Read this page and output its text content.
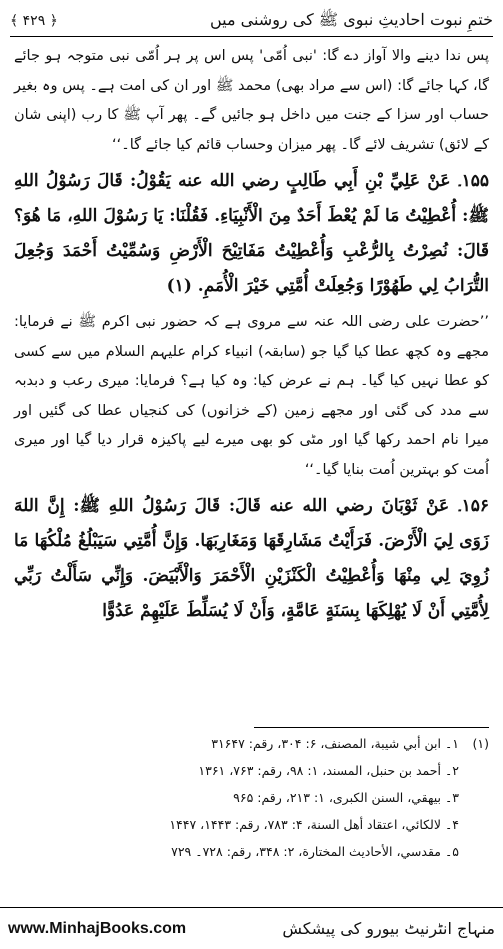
ختمِ نبوت احادیثِ نبوی ﷺ کی روشنی میں
﴿ ۴۲۹ ﴾

پس ندا دینے والا آواز دے گا: 'نبی اُمّی' پس اس پر ہر اُمّی نبی متوجہ ہو جائے گا، کہا جائے گا: (اس سے مراد بھی) محمد ﷺ اور ان کی امت ہے۔ پس وہ بغیر حساب اور سزا کے جنت میں داخل ہو جائیں گے۔ پھر آپ ﷺ کا رب (اپنی شان کے لائق) تشریف لائے گا۔ پھر میزان وحساب قائم کیا جائے گا۔‘‘

۱۵۵۔ عَنْ عَلِيِّ بْنِ أَبِي طَالِبٍ رضي الله عنه يَقُوْلُ: قَالَ رَسُوْلُ اللهِ ﷺ: أُعْطِيْتُ مَا لَمْ يُعْطَ أَحَدٌ مِنَ الْأَنْبِيَاءِ. فَقُلْنَا: يَا رَسُوْلَ اللهِ، مَا هُوَ؟ قَالَ: نُصِرْتُ بِالرُّعْبِ وَأُعْطِيْتُ مَفَاتِيْحَ الْأَرْضِ وَسُمِّيْتُ أَحْمَدَ وَجُعِلَ التُّرَابُ لِي طَهُوْرًا وَجُعِلَتْ أُمَّتِي خَيْرَ الْأُمَمِ. (۱)

’’حضرت علی رضی اللہ عنہ سے مروی ہے کہ حضور نبی اکرم ﷺ نے فرمایا: مجھے وہ کچھ عطا کیا گیا جو (سابقہ) انبیاء کرام علیہم السلام میں سے کسی کو عطا نہیں کیا گیا۔ ہم نے عرض کیا: وہ کیا ہے؟ فرمایا: میری رعب و دبدبہ سے مدد کی گئی اور مجھے زمین (کے خزانوں) کی کنجیاں عطا کی گئیں اور میرا نام احمد رکھا گیا اور مٹی کو بھی میرے لیے پاکیزہ قرار دیا گیا اور میری اُمت کو بہترین اُمت بنایا گیا۔‘‘

۱۵۶۔ عَنْ ثَوْبَانَ رضي الله عنه قَالَ: قَالَ رَسُوْلُ اللهِ ﷺ: إِنَّ اللهَ زَوَى لِيَ الْأَرْضَ. فَرَأَيْتُ مَشَارِقَهَا وَمَغَارِبَهَا. وَإِنَّ أُمَّتِي سَيَبْلُغُ مُلْكُهَا مَا زُوِيَ لِي مِنْهَا وَأُعْطِيْتُ الْكَنْزَيْنِ الْأَحْمَرَ وَالْأَبْيَضَ. وَإِنِّي سَأَلْتُ رَبِّي لِأُمَّتِي أَنْ لَا يُهْلِكَهَا بِسَنَةٍ عَامَّةٍ، وَأَنْ لَا يُسَلِّطَ عَلَيْهِمْ عَدُوًّا

(۱) ۱۔ ابن أبي شيبة، المصنف، ۶: ۳۰۴، رقم: ۳۱۶۴۷
۲۔ أحمد بن حنبل، المسند، ۱: ۹۸، رقم: ۷۶۳، ۱۳۶۱
۳۔ بيهقي، السنن الکبری، ۱: ۲۱۳، رقم: ۹۶۵
۴۔ لالکائي، اعتقاد أهل السنة، ۴: ۷۸۳، رقم: ۱۴۴۳، ۱۴۴۷
۵۔ مقدسي، الأحاديث المختارة، ۲: ۳۴۸، رقم: ۷۲۸۔ ۷۲۹
www.MinhajBooks.com	منہاج انٹرنیٹ بیورو کی پیشکش
